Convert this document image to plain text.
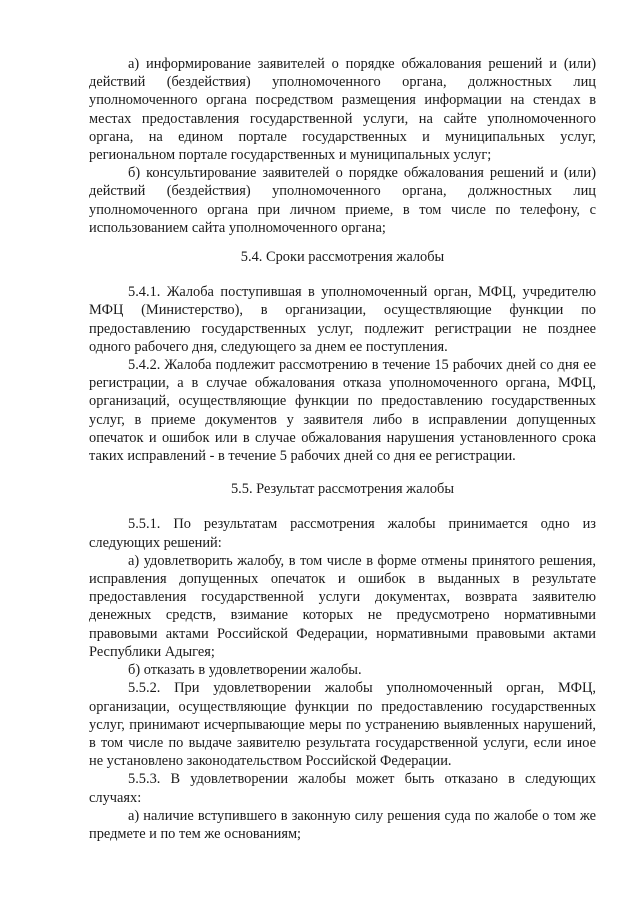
а) информирование заявителей о порядке обжалования решений и (или) действий (бездействия) уполномоченного органа, должностных лиц уполномоченного органа посредством размещения информации на стендах в местах предоставления государственной услуги, на сайте уполномоченного органа, на едином портале государственных и муниципальных услуг, региональном портале государственных и муниципальных услуг;

б) консультирование заявителей о порядке обжалования решений и (или) действий (бездействия) уполномоченного органа, должностных лиц уполномоченного органа при личном приеме, в том числе по телефону, с использованием сайта уполномоченного органа;

5.4. Сроки рассмотрения жалобы

5.4.1. Жалоба поступившая в уполномоченный орган, МФЦ, учредителю МФЦ (Министерство), в организации, осуществляющие функции по предоставлению государственных услуг, подлежит регистрации не позднее одного рабочего дня, следующего за днем ее поступления.

5.4.2. Жалоба подлежит рассмотрению в течение 15 рабочих дней со дня ее регистрации, а в случае обжалования отказа уполномоченного органа, МФЦ, организаций, осуществляющие функции по предоставлению государственных услуг, в приеме документов у заявителя либо в исправлении допущенных опечаток и ошибок или в случае обжалования нарушения установленного срока таких исправлений - в течение 5 рабочих дней со дня ее регистрации.

5.5. Результат рассмотрения жалобы

5.5.1. По результатам рассмотрения жалобы принимается одно из следующих решений:

а) удовлетворить жалобу, в том числе в форме отмены принятого решения, исправления допущенных опечаток и ошибок в выданных в результате предоставления государственной услуги документах, возврата заявителю денежных средств, взимание которых не предусмотрено нормативными правовыми актами Российской Федерации, нормативными правовыми актами Республики Адыгея;

б) отказать в удовлетворении жалобы.

5.5.2. При удовлетворении жалобы уполномоченный орган, МФЦ, организации, осуществляющие функции по предоставлению государственных услуг, принимают исчерпывающие меры по устранению выявленных нарушений, в том числе по выдаче заявителю результата государственной услуги, если иное не установлено законодательством Российской Федерации.

5.5.3. В удовлетворении жалобы может быть отказано в следующих случаях:

а) наличие вступившего в законную силу решения суда по жалобе о том же предмете и по тем же основаниям;
